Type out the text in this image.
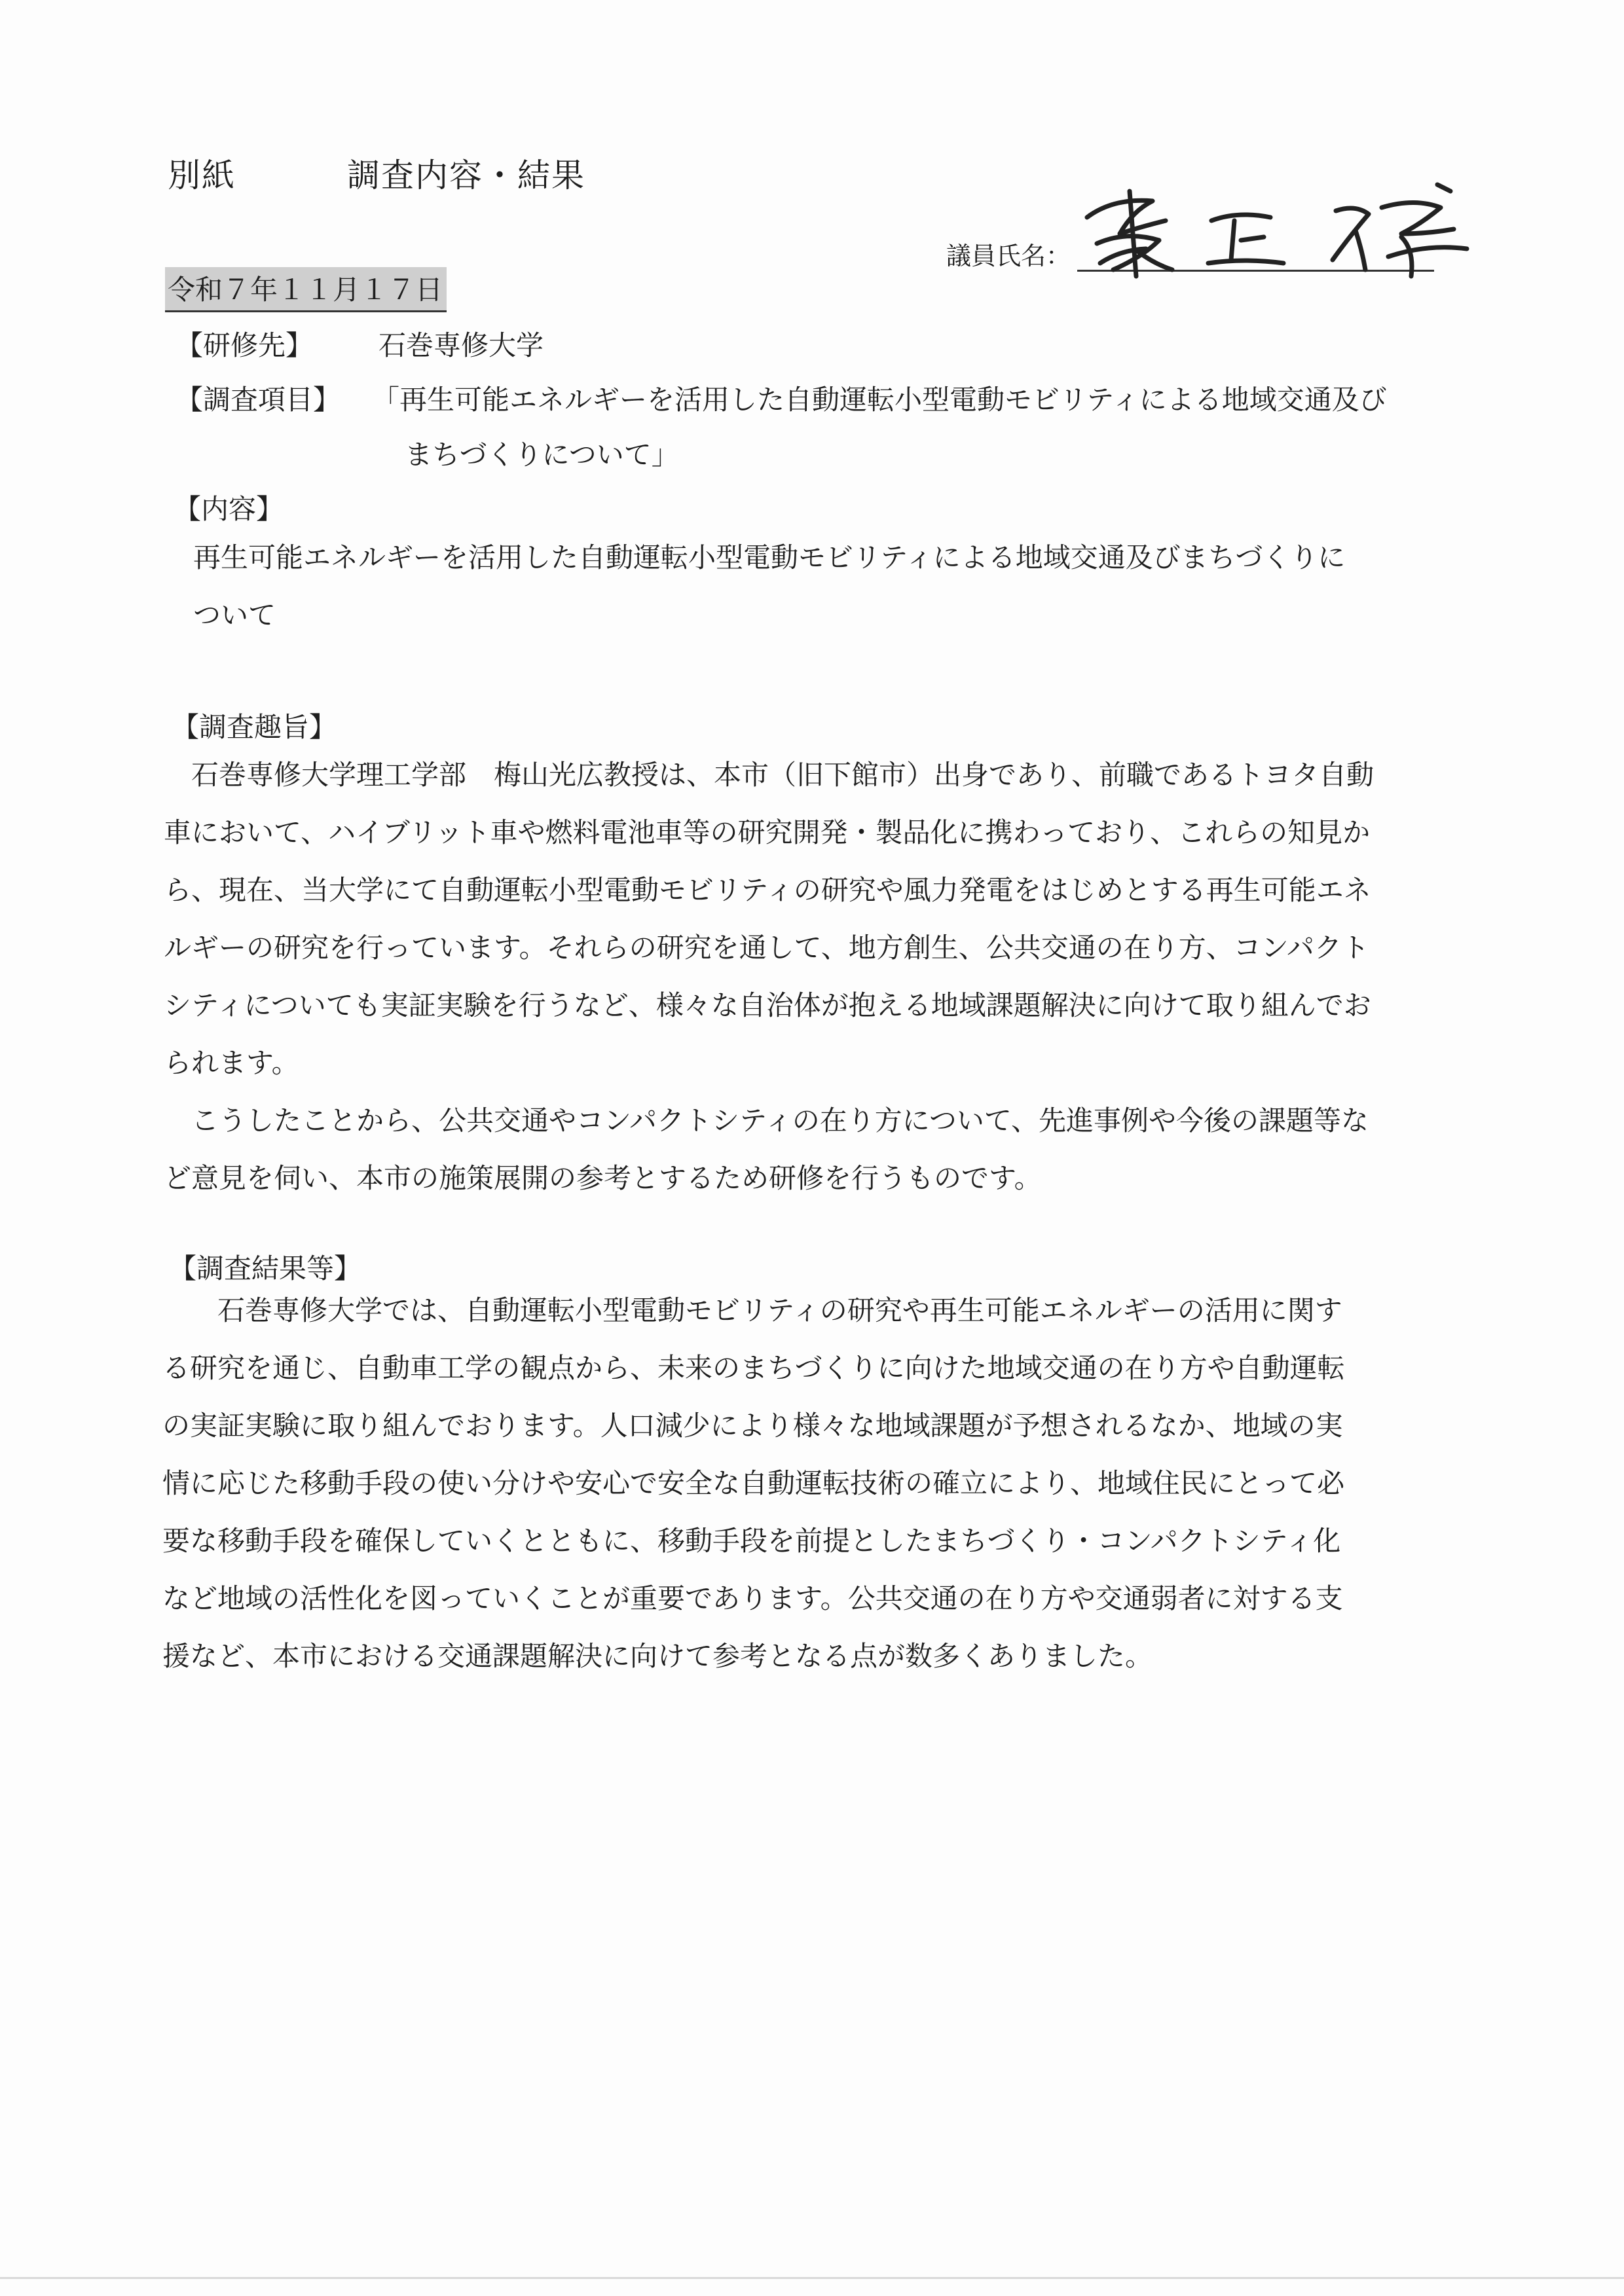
別紙	調査内容・結果
令和７年１１月１７日
議員氏名：
【研修先】 石巻専修大学
【調査項目】 「再生可能エネルギーを活用した自動運転小型電動モビリティによる地域交通及び
まちづくりについて」
【内容】
再生可能エネルギーを活用した自動運転小型電動モビリティによる地域交通及びまちづくりに
ついて
【調査趣旨】
　石巻専修大学理工学部　梅山光広教授は、本市（旧下館市）出身であり、前職であるトヨタ自動
車において、ハイブリット車や燃料電池車等の研究開発・製品化に携わっており、これらの知見か
ら、現在、当大学にて自動運転小型電動モビリティの研究や風力発電をはじめとする再生可能エネ
ルギーの研究を行っています。それらの研究を通して、地方創生、公共交通の在り方、コンパクト
シティについても実証実験を行うなど、様々な自治体が抱える地域課題解決に向けて取り組んでお
られます。
　こうしたことから、公共交通やコンパクトシティの在り方について、先進事例や今後の課題等な
ど意見を伺い、本市の施策展開の参考とするため研修を行うものです。
【調査結果等】
　　石巻専修大学では、自動運転小型電動モビリティの研究や再生可能エネルギーの活用に関す
る研究を通じ、自動車工学の観点から、未来のまちづくりに向けた地域交通の在り方や自動運転
の実証実験に取り組んでおります。人口減少により様々な地域課題が予想されるなか、地域の実
情に応じた移動手段の使い分けや安心で安全な自動運転技術の確立により、地域住民にとって必
要な移動手段を確保していくとともに、移動手段を前提としたまちづくり・コンパクトシティ化
など地域の活性化を図っていくことが重要であります。公共交通の在り方や交通弱者に対する支
援など、本市における交通課題解決に向けて参考となる点が数多くありました。
